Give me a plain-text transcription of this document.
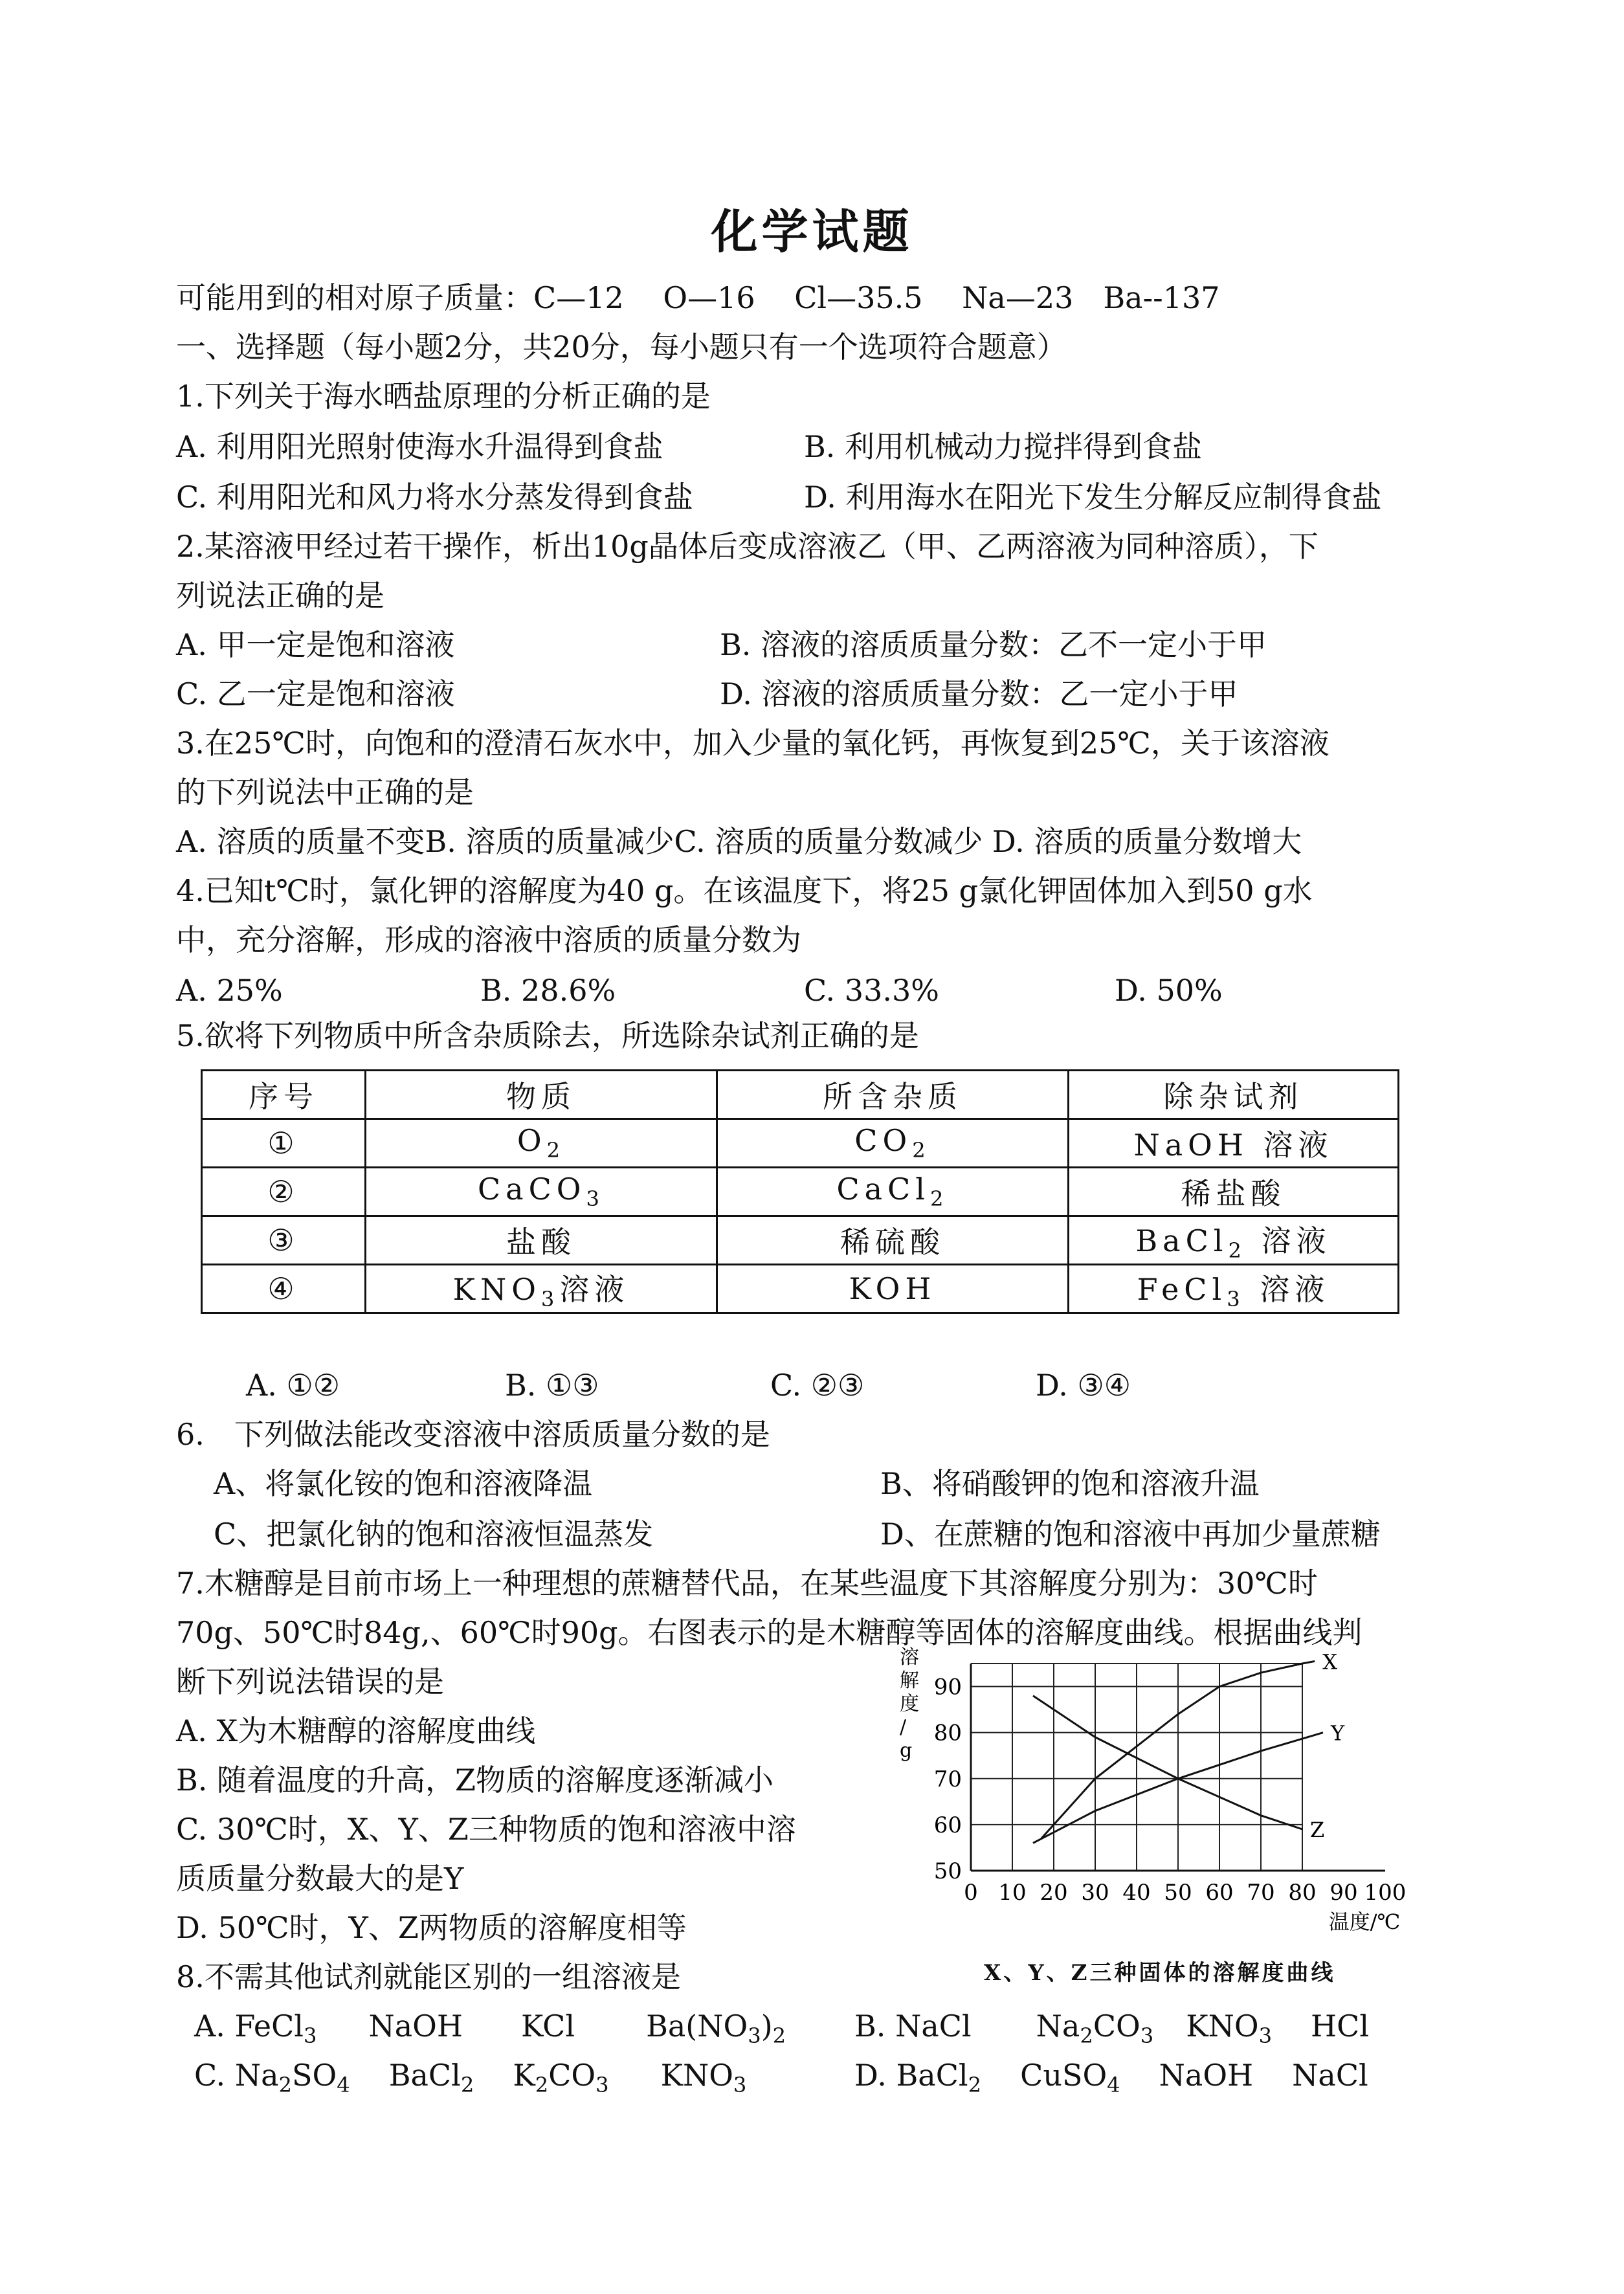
化学试题
可能用到的相对原子质量：C—12　 O—16　 Cl—35.5　 Na—23　Ba--137
一、选择题（每小题2分，共20分，每小题只有一个选项符合题意）
1.下列关于海水晒盐原理的分析正确的是
A. 利用阳光照射使海水升温得到食盐	B. 利用机械动力搅拌得到食盐
C. 利用阳光和风力将水分蒸发得到食盐	D. 利用海水在阳光下发生分解反应制得食盐
2.某溶液甲经过若干操作，析出10g晶体后变成溶液乙（甲、乙两溶液为同种溶质），下
列说法正确的是
A. 甲一定是饱和溶液	B. 溶液的溶质质量分数：乙不一定小于甲
C. 乙一定是饱和溶液	D. 溶液的溶质质量分数：乙一定小于甲
3.在25℃时，向饱和的澄清石灰水中，加入少量的氧化钙，再恢复到25℃，关于该溶液
的下列说法中正确的是
A. 溶质的质量不变B. 溶质的质量减少C. 溶质的质量分数减少 D. 溶质的质量分数增大
4.已知t℃时，氯化钾的溶解度为40 g。在该温度下，将25 g氯化钾固体加入到50 g水
中，充分溶解，形成的溶液中溶质的质量分数为
A. 25%	B. 28.6%	C. 33.3%	D. 50%
5.欲将下列物质中所含杂质除去，所选除杂试剂正确的是
序号	物质	所含杂质	除杂试剂
①	$O_2$	$CO_2$	NaOH 溶液
②	CaCO$_3$	CaCl$_2$	稀盐酸
③	盐酸	稀硫酸	BaCl$_2$ 溶液
④	$KNO_3$溶液	KOH	FeCl$_3$ 溶液
A. ①②	B. ①③	C. ②③	D. ③④
6.　下列做法能改变溶液中溶质质量分数的是
A、将氯化铵的饱和溶液降温	B、将硝酸钾的饱和溶液升温
C、把氯化钠的饱和溶液恒温蒸发	D、在蔗糖的饱和溶液中再加少量蔗糖
7.木糖醇是目前市场上一种理想的蔗糖替代品，在某些温度下其溶解度分别为：30℃时
70g、50℃时84g,、60℃时90g。右图表示的是木糖醇等固体的溶解度曲线。根据曲线判
断下列说法错误的是
A. X为木糖醇的溶解度曲线
B. 随着温度的升高，Z物质的溶解度逐渐减小
C. 30℃时，X、Y、Z三种物质的饱和溶液中溶
质质量分数最大的是Y
D. 50℃时，Y、Z两物质的溶解度相等
0 10 20 30 40 50 60 70 80 90 100
50
60
70
80
90
溶
解
度
/
g
温度/℃
X
Y
Z
X、Y、Z三种固体的溶解度曲线
8.不需其他试剂就能区别的一组溶液是
A. FeCl$_3$ NaOH KCl $Ba(NO_3)_2$ B. NaCl $Na_2CO_3$ $KNO_3$ HCl
C. $Na_2SO_4$ BaCl$_2$ $K_2CO_3$ $KNO_3$	D. BaCl$_2$ CuSO$_4$ NaOH NaCl
